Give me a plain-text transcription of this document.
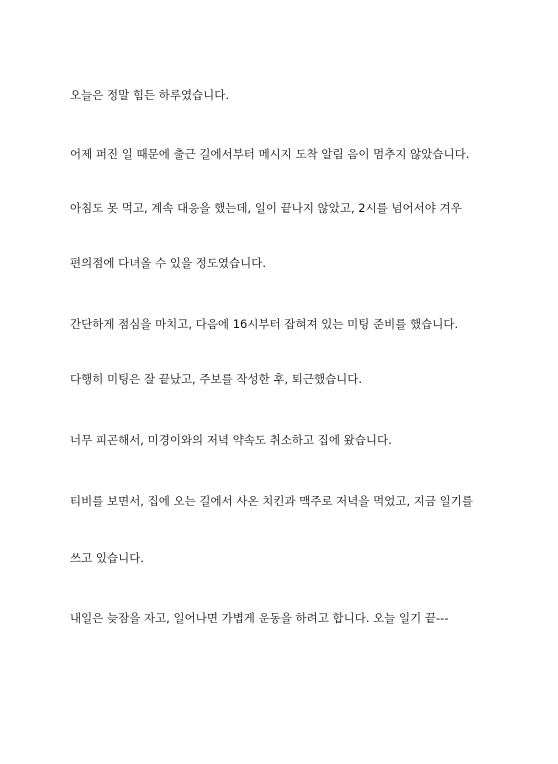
오늘은 정말 힘든 하루였습니다.
어제 퍼진 일 때문에 출근 길에서부터 메시지 도착 알림 음이 멈추지 않았습니다.
아침도 못 먹고, 계속 대응을 했는데, 일이 끝나지 않았고, 2시를 넘어서야 겨우
편의점에 다녀올 수 있을 정도였습니다.
간단하게 점심을 마치고, 다음에 16시부터 잡혀져 있는 미팅 준비를 했습니다.
다행히 미팅은 잘 끝났고, 주보를 작성한 후, 퇴근했습니다.
너무 피곤해서, 미경이와의 저녁 약속도 취소하고 집에 왔습니다.
티비를 보면서, 집에 오는 길에서 사온 치킨과 맥주로 저녁을 먹었고, 지금 일기를
쓰고 있습니다.
내일은 늦잠을 자고, 일어나면 가볍게 운동을 하려고 합니다. 오늘 일기 끝---
